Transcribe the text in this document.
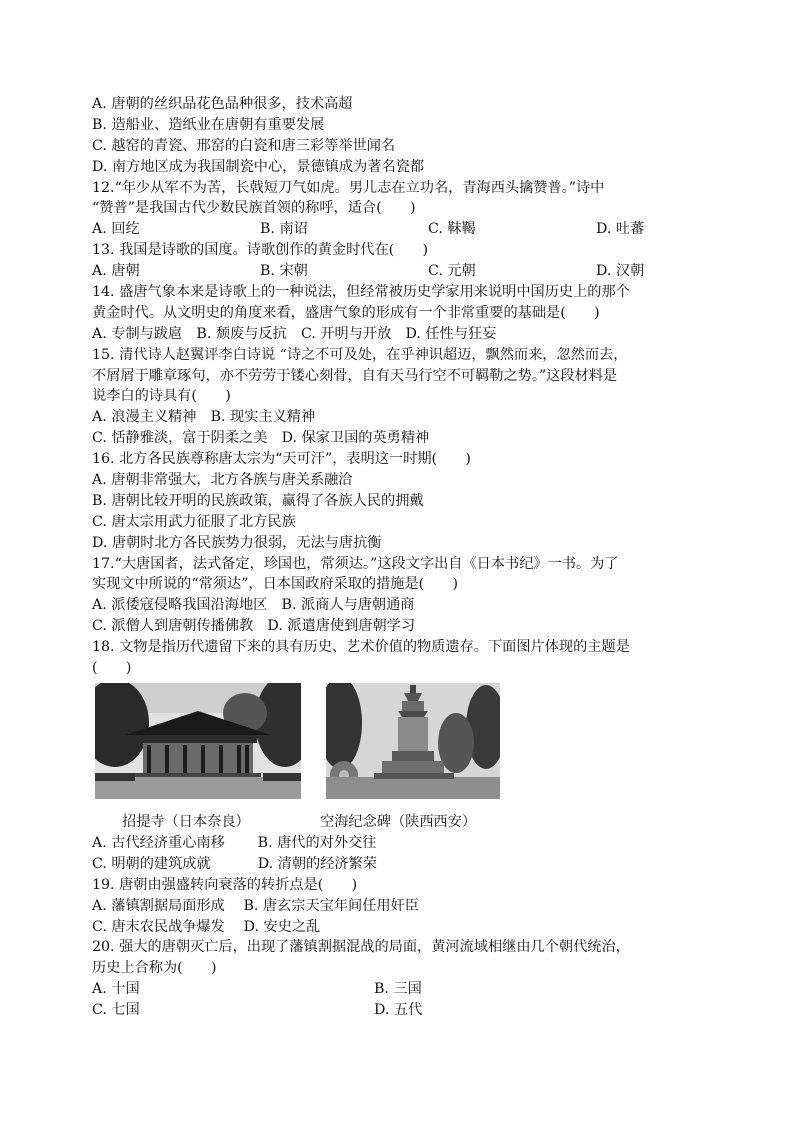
A. 唐朝的丝织品花色品种很多，技术高超
B. 造船业、造纸业在唐朝有重要发展
C. 越窑的青瓷、邢窑的白瓷和唐三彩等举世闻名
D. 南方地区成为我国制瓷中心，景德镇成为著名瓷都
12.“年少从军不为苦，长戟短刀气如虎。男儿志在立功名，青海西头擒赞普。”诗中
“赞普”是我国古代少数民族首领的称呼，适合(　　)
A. 回纥	B. 南诏	C. 靺鞨	D. 吐蕃
13. 我国是诗歌的国度。诗歌创作的黄金时代在(　　)
A. 唐朝	B. 宋朝	C. 元朝	D. 汉朝
14. 盛唐气象本来是诗歌上的一种说法，但经常被历史学家用来说明中国历史上的那个
黄金时代。从文明史的角度来看，盛唐气象的形成有一个非常重要的基础是(　　)
A. 专制与跋扈　B. 颓废与反抗　C. 开明与开放　D. 任性与狂妄
15. 清代诗人赵翼评李白诗说 “诗之不可及处，在乎神识超迈，飘然而来，忽然而去，
不屑屑于雕章琢句，亦不劳劳于镂心刻骨，自有天马行空不可羁勒之势。”这段材料是
说李白的诗具有(　　)
A. 浪漫主义精神　B. 现实主义精神
C. 恬静雅淡，富于阴柔之美　D. 保家卫国的英勇精神
16. 北方各民族尊称唐太宗为“天可汗”，表明这一时期(　　)
A. 唐朝非常强大，北方各族与唐关系融洽
B. 唐朝比较开明的民族政策，赢得了各族人民的拥戴
C. 唐太宗用武力征服了北方民族
D. 唐朝时北方各民族势力很弱，无法与唐抗衡
17.“大唐国者，法式备定，珍国也，常须达。”这段文字出自《日本书纪》一书。为了
实现文中所说的“常须达”，日本国政府采取的措施是(　　)
A. 派倭寇侵略我国沿海地区　B. 派商人与唐朝通商
C. 派僧人到唐朝传播佛教　D. 派遣唐使到唐朝学习
18. 文物是指历代遗留下来的具有历史、艺术价值的物质遗存。下面图片体现的主题是
(　　)
招提寺（日本奈良）	空海纪念碑（陕西西安）
A. 古代经济重心南移　　 B. 唐代的对外交往
C. 明朝的建筑成就　　　 D. 清朝的经济繁荣
19. 唐朝由强盛转向衰落的转折点是(　　)
A. 藩镇割据局面形成　 B. 唐玄宗天宝年间任用奸臣
C. 唐末农民战争爆发　 D. 安史之乱
20. 强大的唐朝灭亡后，出现了藩镇割据混战的局面，黄河流域相继由几个朝代统治，
历史上合称为(　　)
A. 十国	B. 三国
C. 七国	D. 五代
